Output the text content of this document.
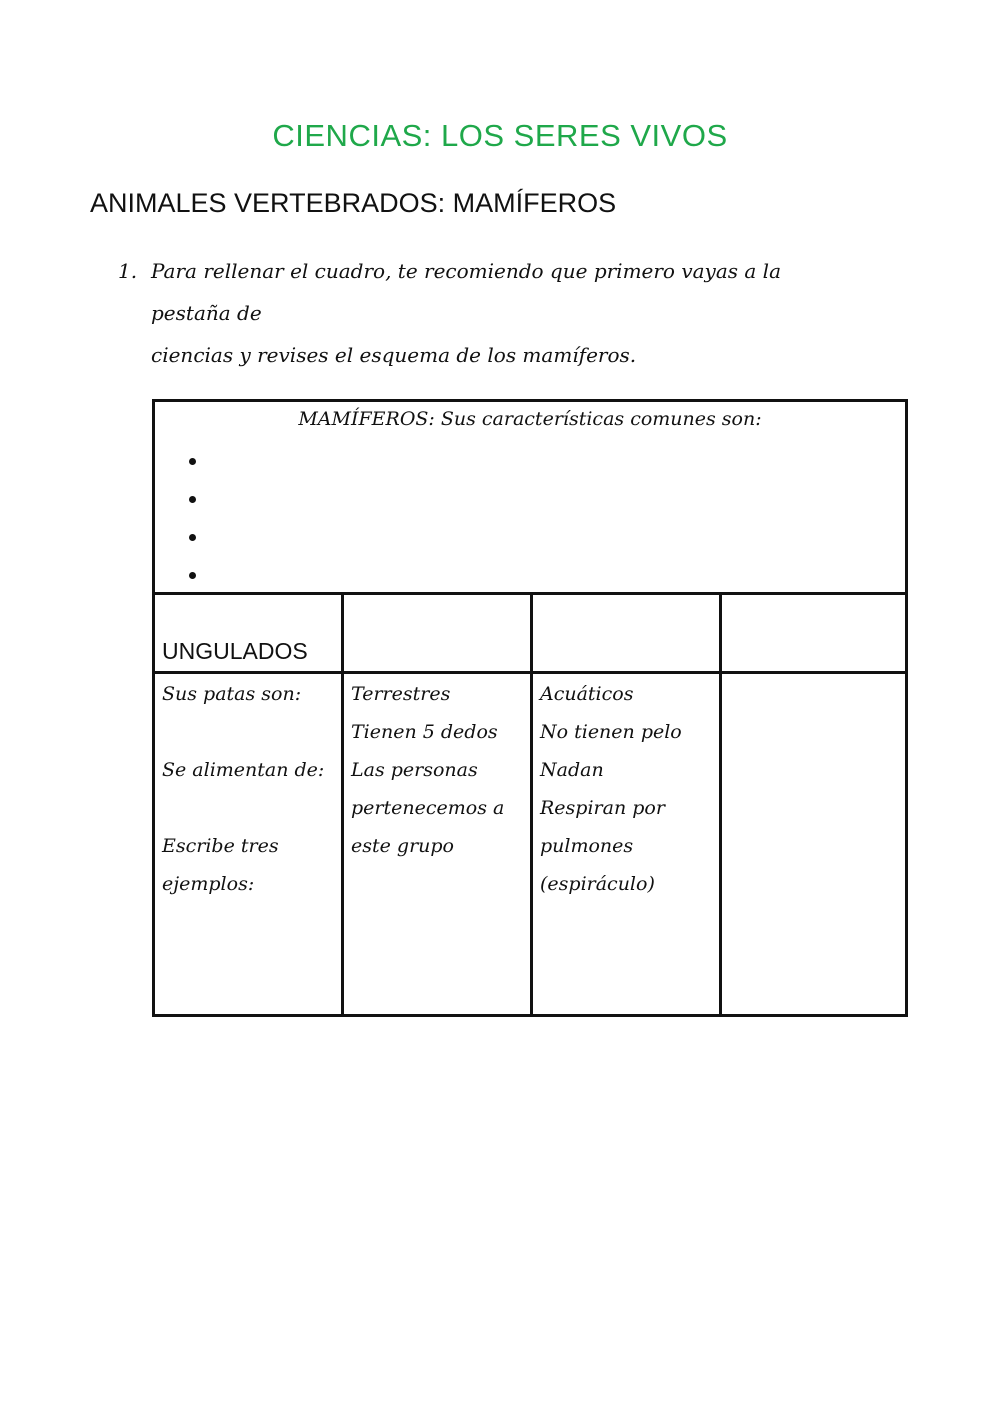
CIENCIAS: LOS SERES VIVOS
ANIMALES VERTEBRADOS: MAMÍFEROS
1. Para rellenar el cuadro, te recomiendo que primero vayas a la pestaña de
ciencias y revises el esquema de los mamíferos.
MAMÍFEROS: Sus características comunes son:
UNGULADOS

Sus patas son:

Se alimentan de:

Escribe tres

ejemplos:

Terrestres

Tienen 5 dedos

Las personas

pertenecemos a

este grupo

Acuáticos

No tienen pelo

Nadan

Respiran por

pulmones

(espiráculo)
